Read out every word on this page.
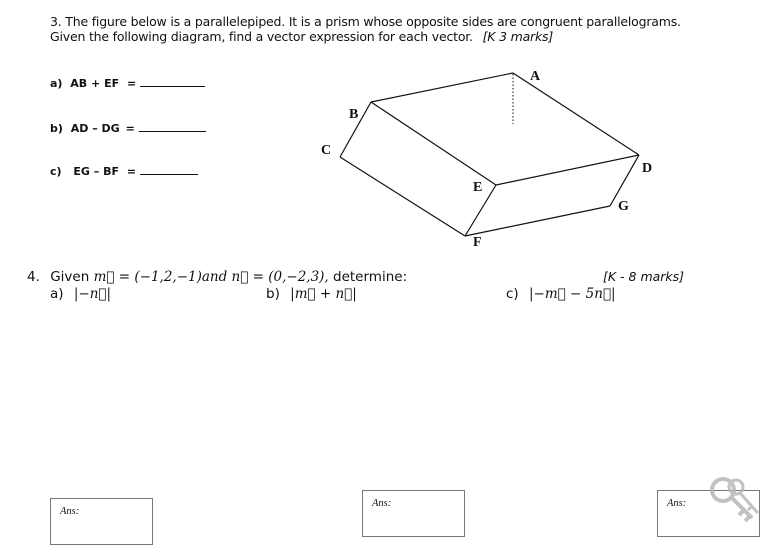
3. The figure below is a parallelepiped. It is a prism whose opposite sides are congruent parallelograms.
Given the following diagram, find a vector expression for each vector. [K 3 marks]
a) AB + EF =
b) AD – DG =
c) EG – BF =
A
B
C
D
E
F
G
4. Given m⃗ = (−1,2,−1)and n⃗ = (0,−2,3), determine:	[K - 8 marks]
a) |−n⃗|	b) |m⃗ + n⃗|	c) |−m⃗ − 5n⃗|
Ans:
Ans:	Ans:
